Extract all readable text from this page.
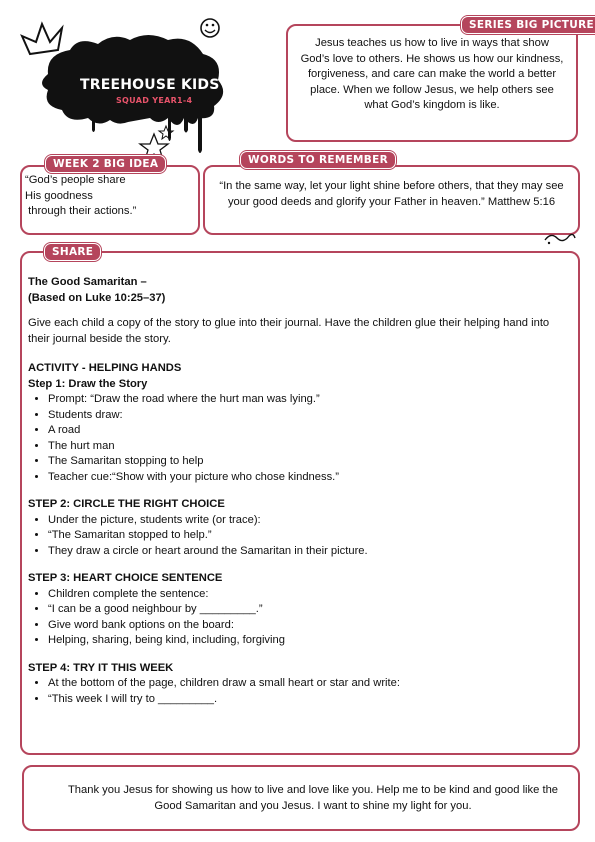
TREEHOUSE KIDS
SQUAD YEAR1-4
Jesus teaches us how to live in ways that show God’s love to others. He shows us how our kindness, forgiveness, and care can make the world a better place. When we follow Jesus, we help others see what God’s kingdom is like.
SERIES BIG PICTURE
“God’s people share
His goodness
through their actions.”
WEEK 2 BIG IDEA
“In the same way, let your light shine before others, that they may see your good deeds and glorify your Father in heaven.” Matthew 5:16
WORDS TO REMEMBER
The Good Samaritan –
(Based on Luke 10:25–37)
Give each child a copy of the story to glue into their journal. Have the children glue their helping hand into their journal beside the story.
ACTIVITY - HELPING HANDS
Step 1: Draw the Story
• Prompt: “Draw the road where the hurt man was lying.”
• Students draw:
• A road
• The hurt man
• The Samaritan stopping to help
• Teacher cue:“Show with your picture who chose kindness.”
STEP 2: CIRCLE THE RIGHT CHOICE
• Under the picture, students write (or trace):
• “The Samaritan stopped to help.”
• They draw a circle or heart around the Samaritan in their picture.
STEP 3: HEART CHOICE SENTENCE
• Children complete the sentence:
• “I can be a good neighbour by _________.”
• Give word bank options on the board:
• Helping, sharing, being kind, including, forgiving
STEP 4: TRY IT THIS WEEK
• At the bottom of the page, children draw a small heart or star and write:
• “This week I will try to _________.
SHARE
Thank you Jesus for showing us how to live and love like you. Help me to be kind and good like the Good Samaritan and you Jesus. I want to shine my light for you.
